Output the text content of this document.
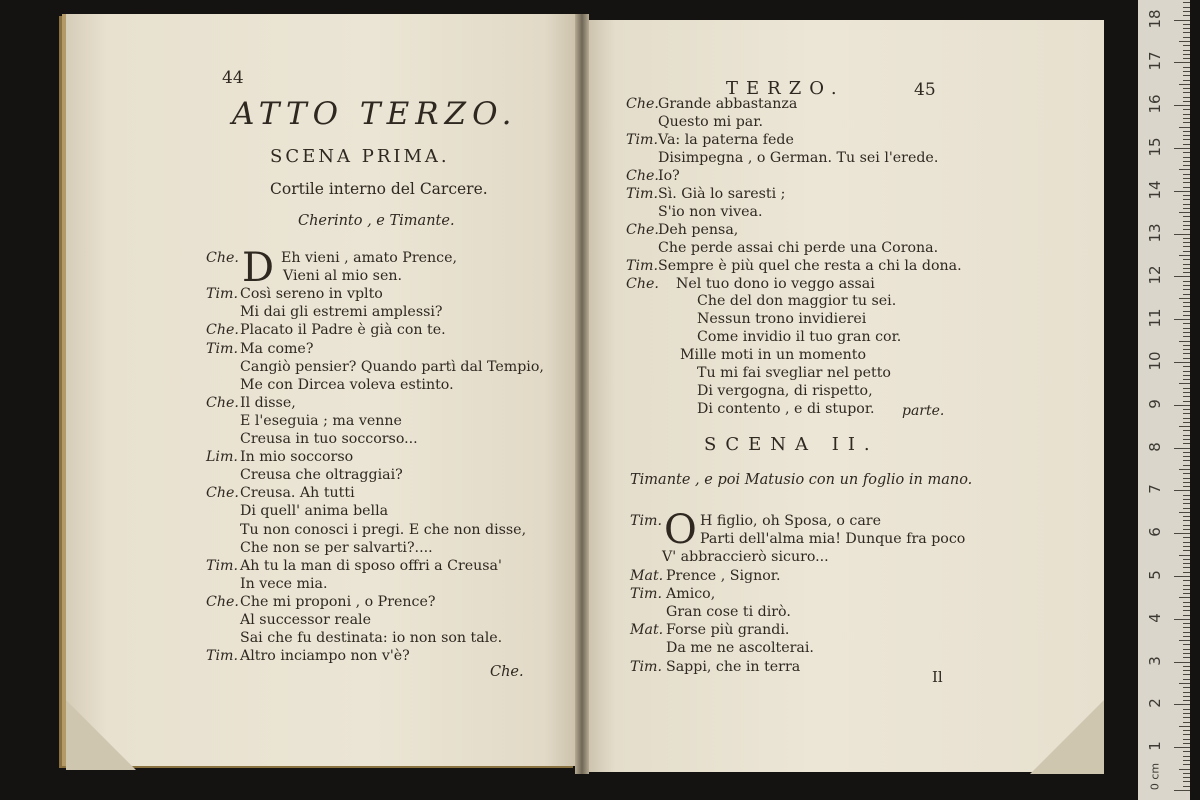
44
ATTO TERZO.
SCENA PRIMA.
Cortile interno del Carcere.
Cherinto , e Timante.
D
Che.	Eh vieni , amato Prence,
Vieni al mio sen.
Tim. Così sereno in vplto
Mi dai gli estremi amplessi?
Che. Placato il Padre è già con te.
Tim. Ma come?
Cangiò pensier? Quando partì dal Tempio,
Me con Dircea voleva estinto.
Che. Il disse,
E l'eseguia ; ma venne
Creusa in tuo soccorso...
Lim. In mio soccorso
Creusa che oltraggiai?
Che. Creusa. Ah tutti
Di quell' anima bella
Tu non conosci i pregi. E che non disse,
Che non se per salvarti?....
Tim. Ah tu la man di sposo offri a Creusa'
In vece mia.
Che. Che mi proponi , o Prence?
Al successor reale
Sai che fu destinata: io non son tale.
Tim. Altro inciampo non v'è?
Che.
TERZO.	45
Che. Grande abbastanza
Questo mi par.
Tim. Va: la paterna fede
Disimpegna , o German. Tu sei l'erede.
Che. Io?
Tim. Sì. Già lo saresti ;
S'io non vivea.
Che. Deh pensa,
Che perde assai chi perde una Corona.
Tim. Sempre è più quel che resta a chi la dona.
Che. Nel tuo dono io veggo assai
Che del don maggior tu sei.
Nessun trono invidierei
Come invidio il tuo gran cor.
Mille moti in un momento
Tu mi fai svegliar nel petto
Di vergogna, di rispetto,
Di contento , e di stupor. parte.
SCENA II.
Timante , e poi Matusio con un foglio in mano.
O
Tim.	H figlio, oh Sposa, o care
Parti dell'alma mia! Dunque fra poco
V' abbraccierò sicuro...
Mat. Prence , Signor.
Tim. Amico,
Gran cose ti dirò.
Mat. Forse più grandi.
Da me ne ascolterai.
Tim. Sappi, che in terra
Il
0 cm
1
2
3
4
5
6
7
8
9
10
11
12
13
14
15
16
17
18
